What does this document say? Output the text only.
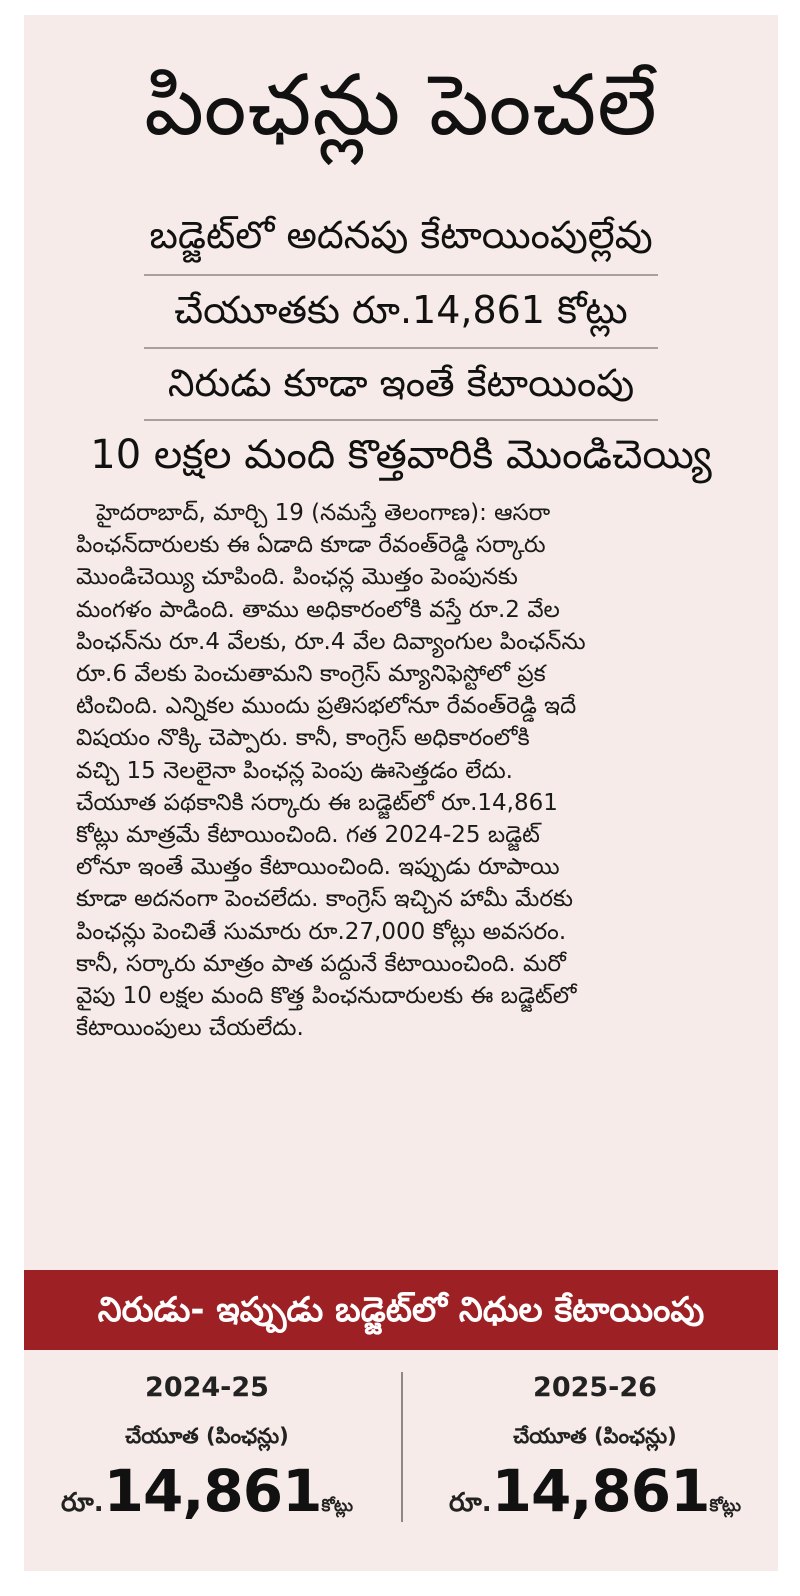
పింఛన్లు పెంచలే
బడ్జెట్‌లో అదనపు కేటాయింపుల్లేవు
చేయూతకు రూ.14,861 కోట్లు
నిరుడు కూడా ఇంతే కేటాయింపు
10 లక్షల మంది కొత్తవారికి మొండిచెయ్యి
హైదరాబాద్, మార్చి 19 (నమస్తే తెలంగాణ): ఆసరా
పింఛన్‌దారులకు ఈ ఏడాది కూడా రేవంత్‌రెడ్డి సర్కారు
మొండిచెయ్యి చూపింది. పింఛన్ల మొత్తం పెంపునకు
మంగళం పాడింది. తాము అధికారంలోకి వస్తే రూ.2 వేల
పింఛన్‌ను రూ.4 వేలకు, రూ.4 వేల దివ్యాంగుల పింఛన్‌ను
రూ.6 వేలకు పెంచుతామని కాంగ్రెస్ మ్యానిఫెస్టోలో ప్రక
టించింది. ఎన్నికల ముందు ప్రతిసభలోనూ రేవంత్‌రెడ్డి ఇదే
విషయం నొక్కి చెప్పారు. కానీ, కాంగ్రెస్ అధికారంలోకి
వచ్చి 15 నెలలైనా పింఛన్ల పెంపు ఊసెత్తడం లేదు.
చేయూత పథకానికి సర్కారు ఈ బడ్జెట్‌లో రూ.14,861
కోట్లు మాత్రమే కేటాయించింది. గత 2024-25 బడ్జెట్
లోనూ ఇంతే మొత్తం కేటాయించింది. ఇప్పుడు రూపాయి
కూడా అదనంగా పెంచలేదు. కాంగ్రెస్ ఇచ్చిన హామీ మేరకు
పింఛన్లు పెంచితే సుమారు రూ.27,000 కోట్లు అవసరం.
కానీ, సర్కారు మాత్రం పాత పద్దునే కేటాయించింది. మరో
వైపు 10 లక్షల మంది కొత్త పింఛనుదారులకు ఈ బడ్జెట్‌లో
కేటాయింపులు చేయలేదు.
నిరుడు- ఇప్పుడు బడ్జెట్‌లో నిధుల కేటాయింపు
2024-25
చేయూత (పింఛన్లు)
రూ.14,861కోట్లు
2025-26
చేయూత (పింఛన్లు)
రూ.14,861కోట్లు
